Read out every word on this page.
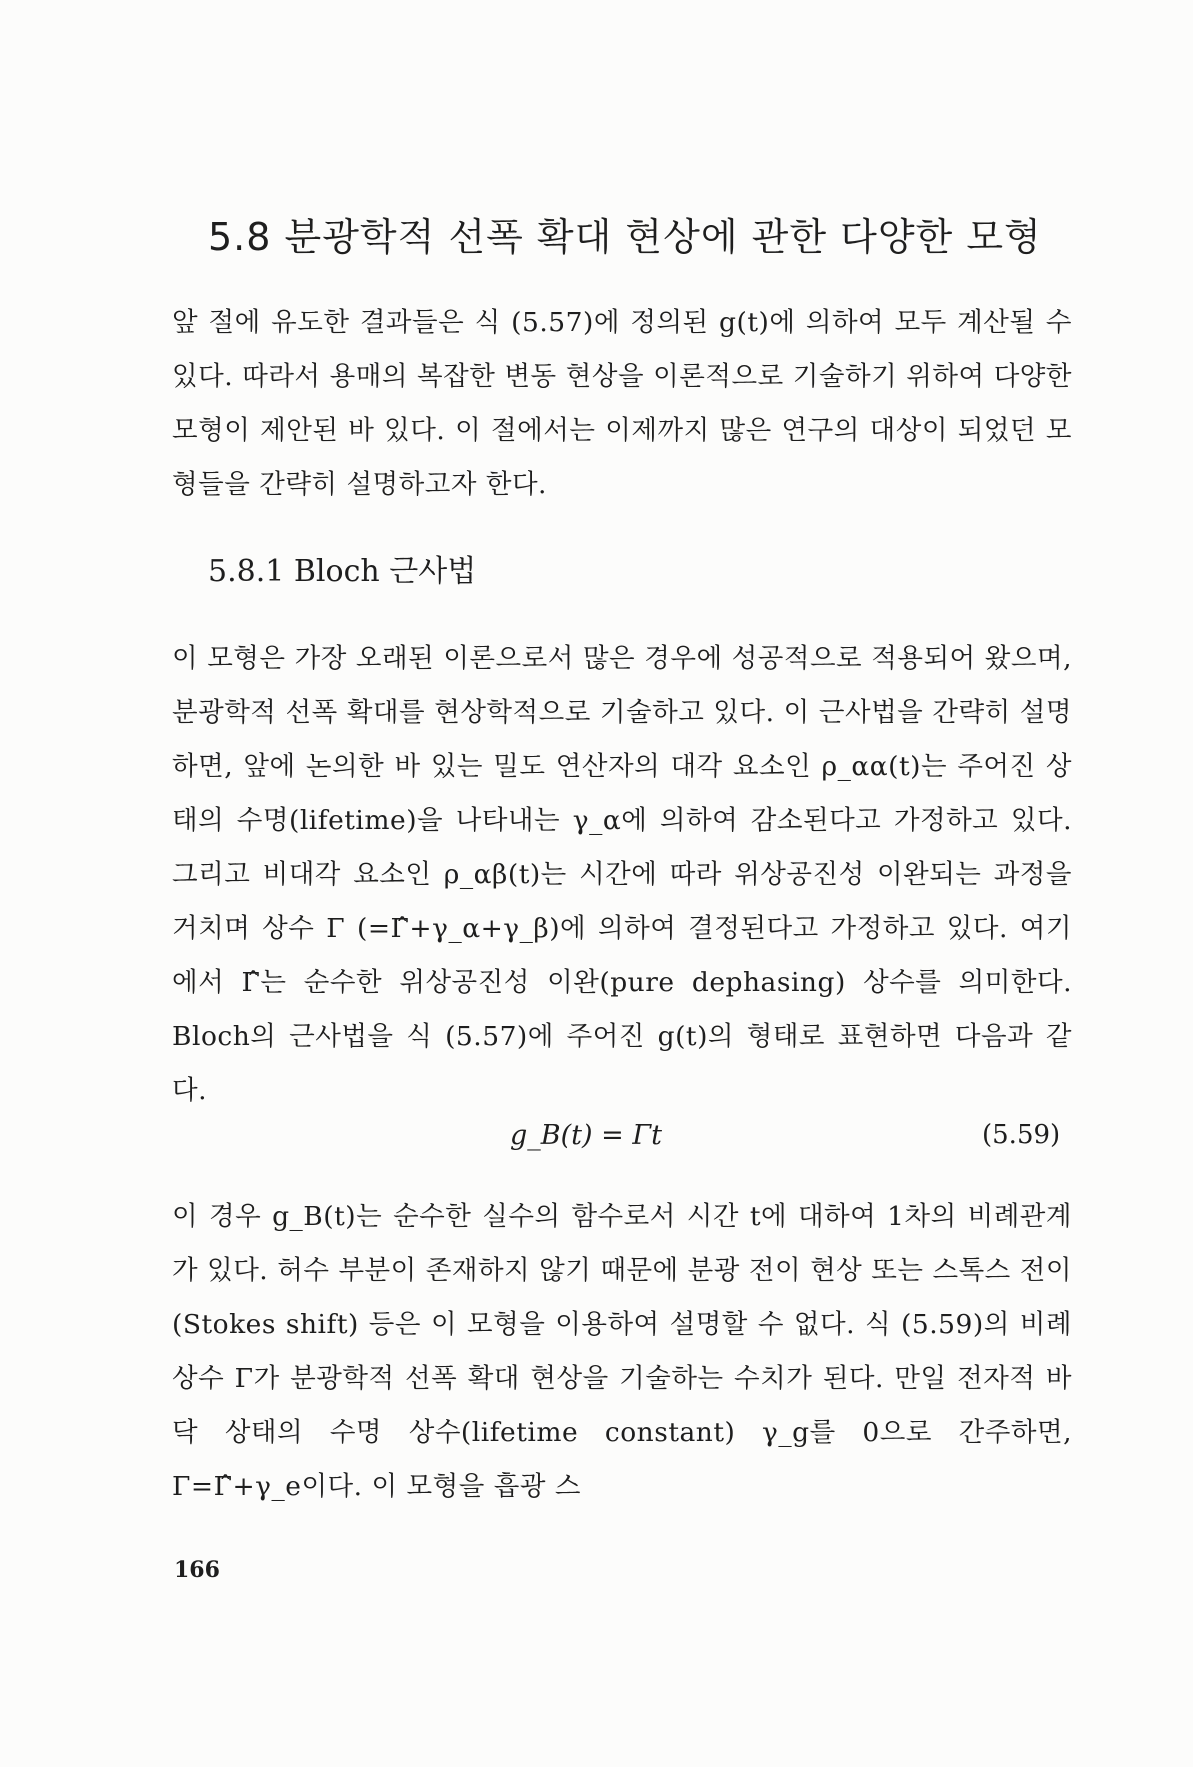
5.8 분광학적 선폭 확대 현상에 관한 다양한 모형
앞 절에 유도한 결과들은 식 (5.57)에 정의된 g(t)에 의하여 모두 계산될 수 있다. 따라서 용매의 복잡한 변동 현상을 이론적으로 기술하기 위하여 다양한 모형이 제안된 바 있다. 이 절에서는 이제까지 많은 연구의 대상이 되었던 모형들을 간략히 설명하고자 한다.
5.8.1 Bloch 근사법
이 모형은 가장 오래된 이론으로서 많은 경우에 성공적으로 적용되어 왔으며, 분광학적 선폭 확대를 현상학적으로 기술하고 있다. 이 근사법을 간략히 설명하면, 앞에 논의한 바 있는 밀도 연산자의 대각 요소인 ρ_αα(t)는 주어진 상태의 수명(lifetime)을 나타내는 γ_α에 의하여 감소된다고 가정하고 있다. 그리고 비대각 요소인 ρ_αβ(t)는 시간에 따라 위상공진성 이완되는 과정을 거치며 상수 Γ (=Γ̂+γ_α+γ_β)에 의하여 결정된다고 가정하고 있다. 여기에서 Γ̂는 순수한 위상공진성 이완(pure dephasing) 상수를 의미한다. Bloch의 근사법을 식 (5.57)에 주어진 g(t)의 형태로 표현하면 다음과 같다.
g_B(t) = Γt	(5.59)
이 경우 g_B(t)는 순수한 실수의 함수로서 시간 t에 대하여 1차의 비례관계가 있다. 허수 부분이 존재하지 않기 때문에 분광 전이 현상 또는 스톡스 전이(Stokes shift) 등은 이 모형을 이용하여 설명할 수 없다. 식 (5.59)의 비례 상수 Γ가 분광학적 선폭 확대 현상을 기술하는 수치가 된다. 만일 전자적 바닥 상태의 수명 상수(lifetime constant) γ_g를 0으로 간주하면, Γ=Γ̂+γ_e이다. 이 모형을 흡광 스
166
